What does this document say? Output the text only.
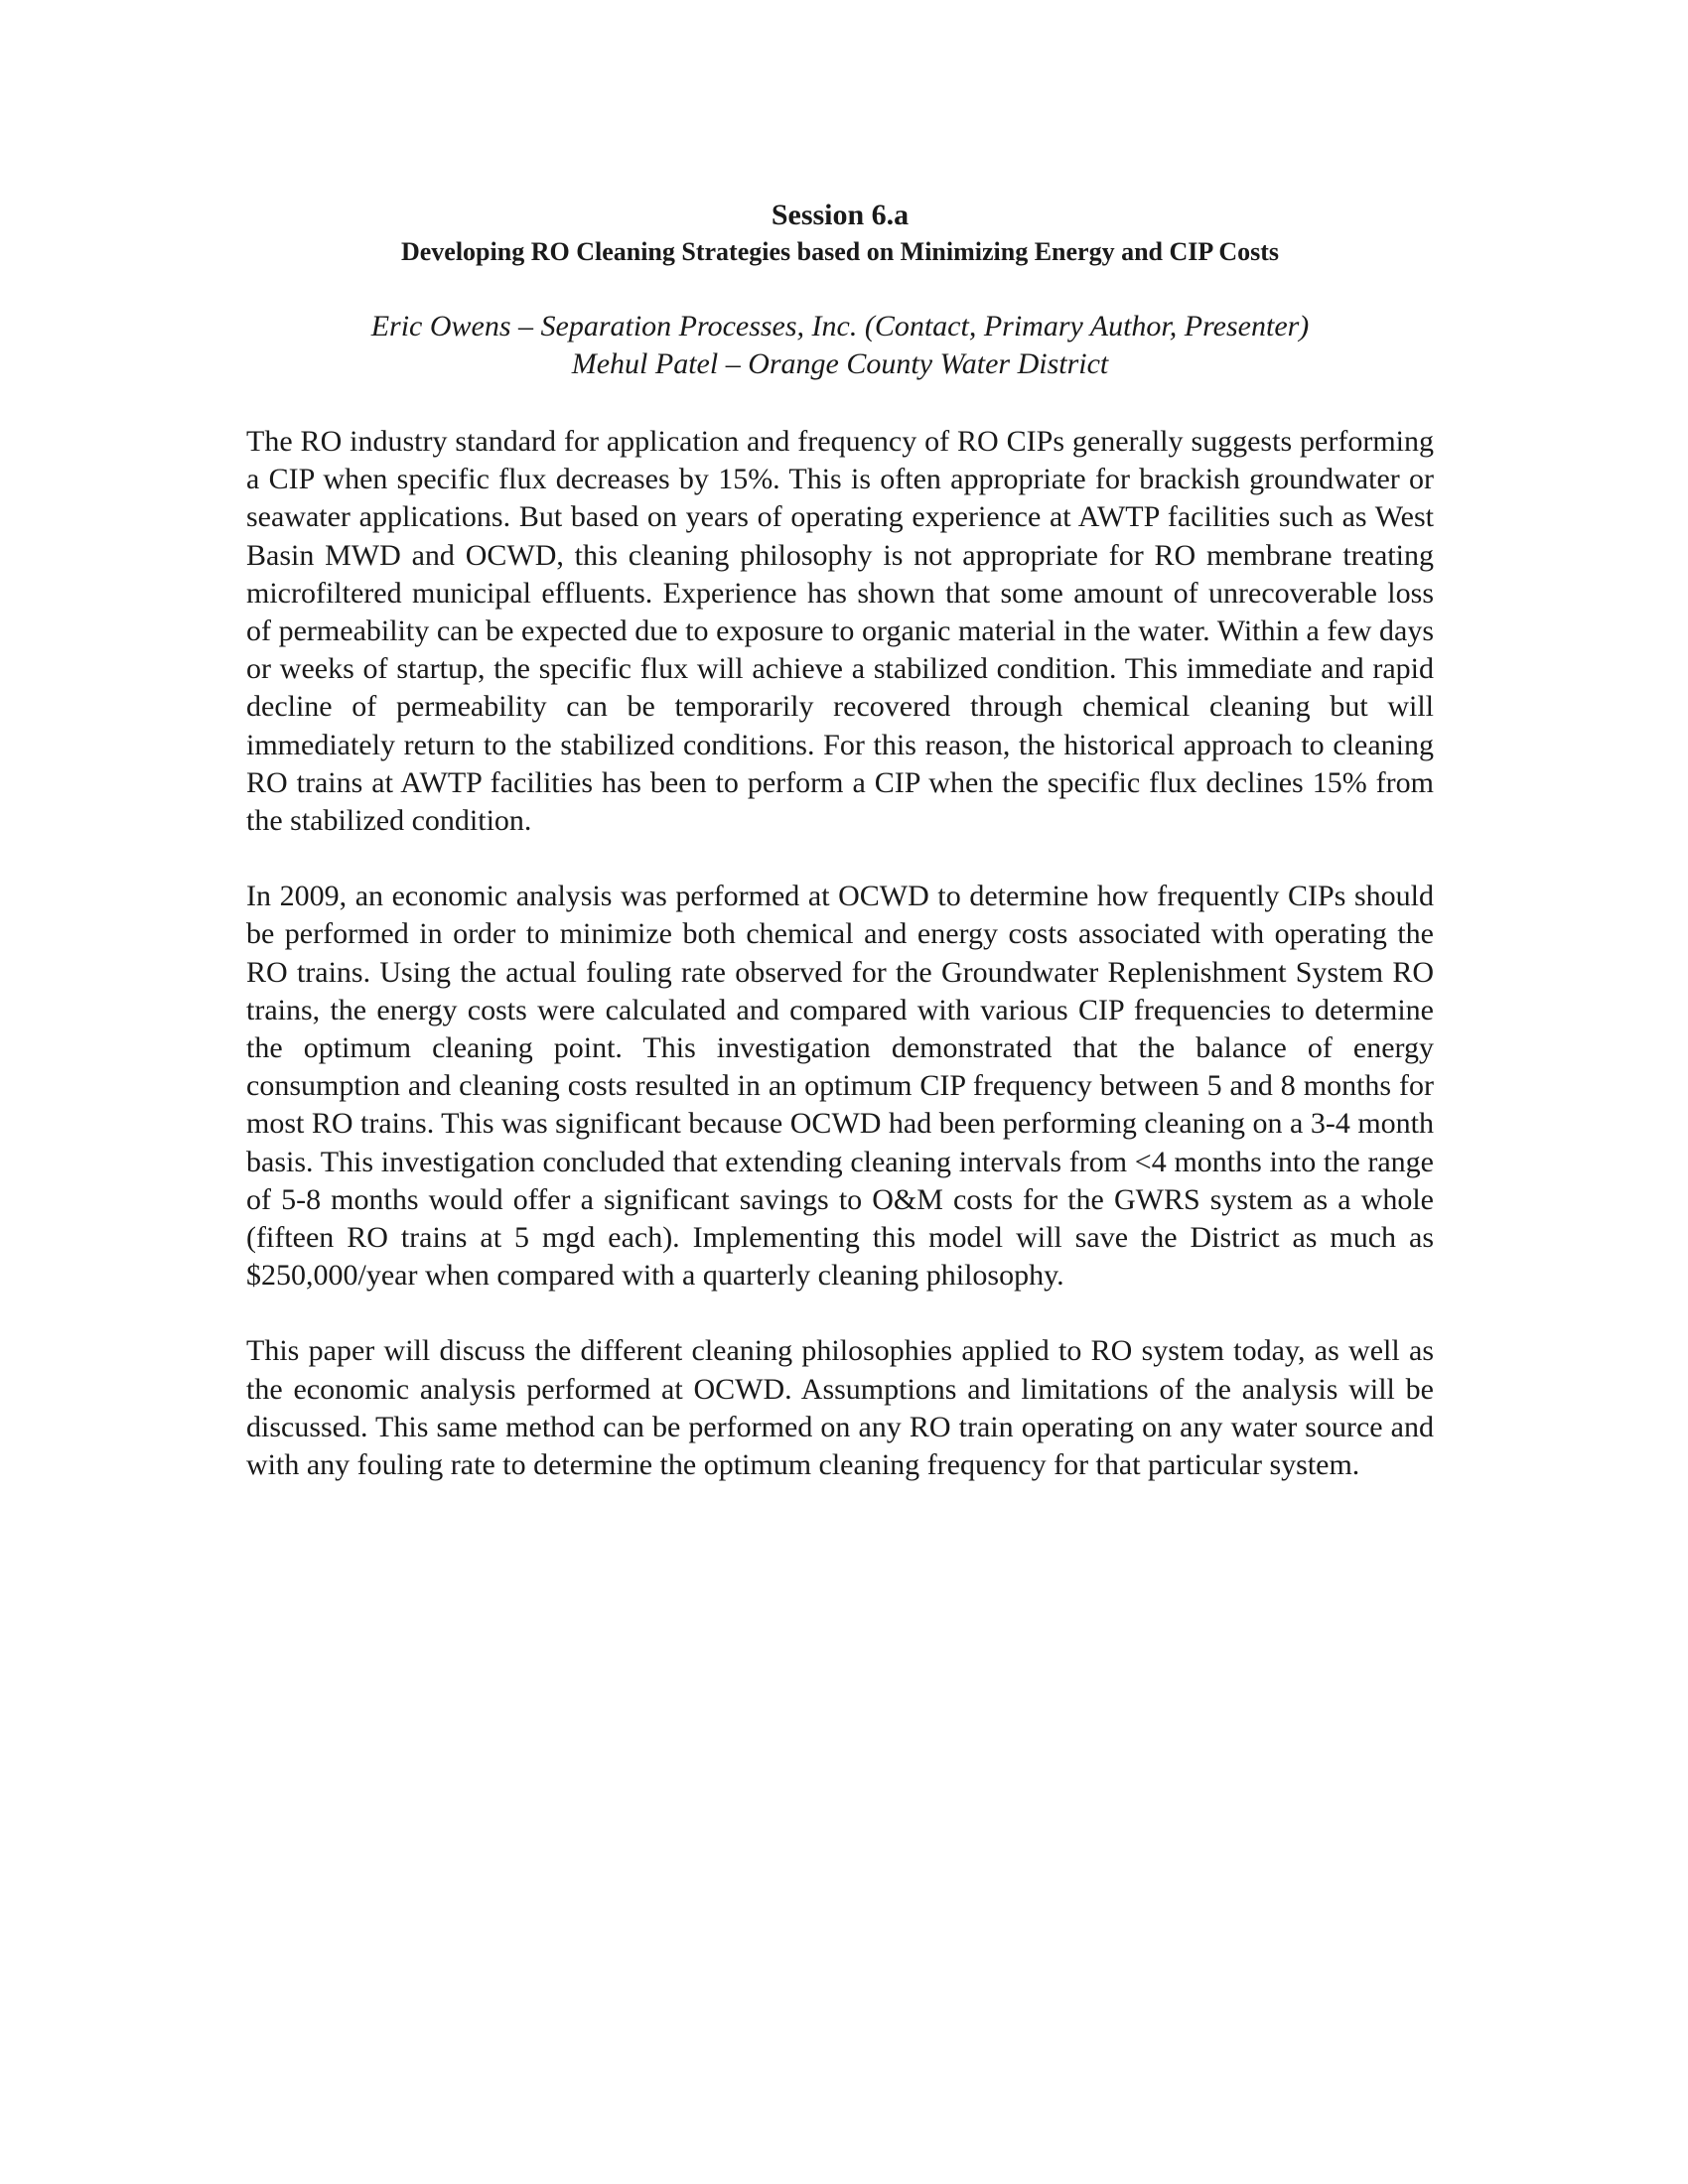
Session 6.a

Developing RO Cleaning Strategies based on Minimizing Energy and CIP Costs

Eric Owens – Separation Processes, Inc. (Contact, Primary Author, Presenter)
Mehul Patel – Orange County Water District

The RO industry standard for application and frequency of RO CIPs generally suggests performing a CIP when specific flux decreases by 15%. This is often appropriate for brackish groundwater or seawater applications. But based on years of operating experience at AWTP facilities such as West Basin MWD and OCWD, this cleaning philosophy is not appropriate for RO membrane treating microfiltered municipal effluents. Experience has shown that some amount of unrecoverable loss of permeability can be expected due to exposure to organic material in the water. Within a few days or weeks of startup, the specific flux will achieve a stabilized condition. This immediate and rapid decline of permeability can be temporarily recovered through chemical cleaning but will immediately return to the stabilized conditions. For this reason, the historical approach to cleaning RO trains at AWTP facilities has been to perform a CIP when the specific flux declines 15% from the stabilized condition.

In 2009, an economic analysis was performed at OCWD to determine how frequently CIPs should be performed in order to minimize both chemical and energy costs associated with operating the RO trains. Using the actual fouling rate observed for the Groundwater Replenishment System RO trains, the energy costs were calculated and compared with various CIP frequencies to determine the optimum cleaning point. This investigation demonstrated that the balance of energy consumption and cleaning costs resulted in an optimum CIP frequency between 5 and 8 months for most RO trains. This was significant because OCWD had been performing cleaning on a 3-4 month basis. This investigation concluded that extending cleaning intervals from <4 months into the range of 5-8 months would offer a significant savings to O&M costs for the GWRS system as a whole (fifteen RO trains at 5 mgd each). Implementing this model will save the District as much as $250,000/year when compared with a quarterly cleaning philosophy.

This paper will discuss the different cleaning philosophies applied to RO system today, as well as the economic analysis performed at OCWD. Assumptions and limitations of the analysis will be discussed. This same method can be performed on any RO train operating on any water source and with any fouling rate to determine the optimum cleaning frequency for that particular system.
